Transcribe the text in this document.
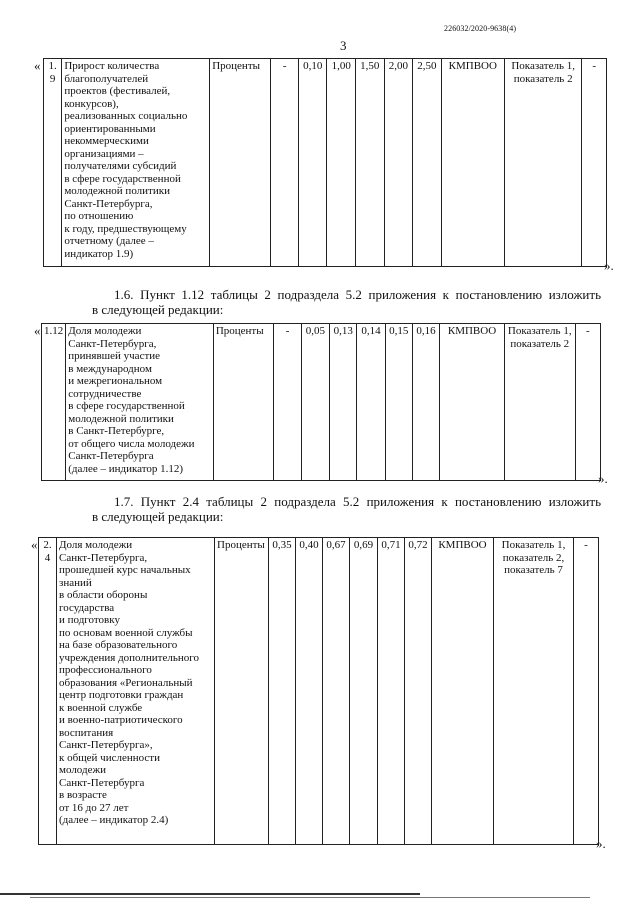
226032/2020-9638(4)
3
« 1.9	Прирост количества
благополучателей
проектов (фестивалей,
конкурсов),
реализованных социально
ориентированными
некоммерческими
организациями –
получателями субсидий
в сфере государственной
молодежной политики
Санкт-Петербурга,
по отношению
к году, предшествующему
отчетному (далее –
индикатор 1.9)	Проценты	-	0,10	1,00	1,50	2,00	2,50	КМПВОО	Показатель 1,
показатель 2	-
».
1.6. Пункт 1.12 таблицы 2 подраздела 5.2 приложения к постановлению изложить
в следующей редакции:
« 1.12	Доля молодежи
Санкт-Петербурга,
принявшей участие
в международном
и межрегиональном
сотрудничестве
в сфере государственной
молодежной политики
в Санкт-Петербурге,
от общего числа молодежи
Санкт-Петербурга
(далее – индикатор 1.12)	Проценты	-	0,05	0,13	0,14	0,15	0,16	КМПВОО	Показатель 1,
показатель 2	-
».
1.7. Пункт 2.4 таблицы 2 подраздела 5.2 приложения к постановлению изложить
в следующей редакции:
« 2.4	Доля молодежи
Санкт-Петербурга,
прошедшей курс начальных
знаний
в области обороны
государства
и подготовку
по основам военной службы
на базе образовательного
учреждения дополнительного
профессионального
образования «Региональный
центр подготовки граждан
к военной службе
и военно-патриотического
воспитания
Санкт-Петербурга»,
к общей численности
молодежи
Санкт-Петербурга
в возрасте
от 16 до 27 лет
(далее – индикатор 2.4)	Проценты	0,35	0,40	0,67	0,69	0,71	0,72	КМПВОО	Показатель 1,
показатель 2,
показатель 7	-
».
